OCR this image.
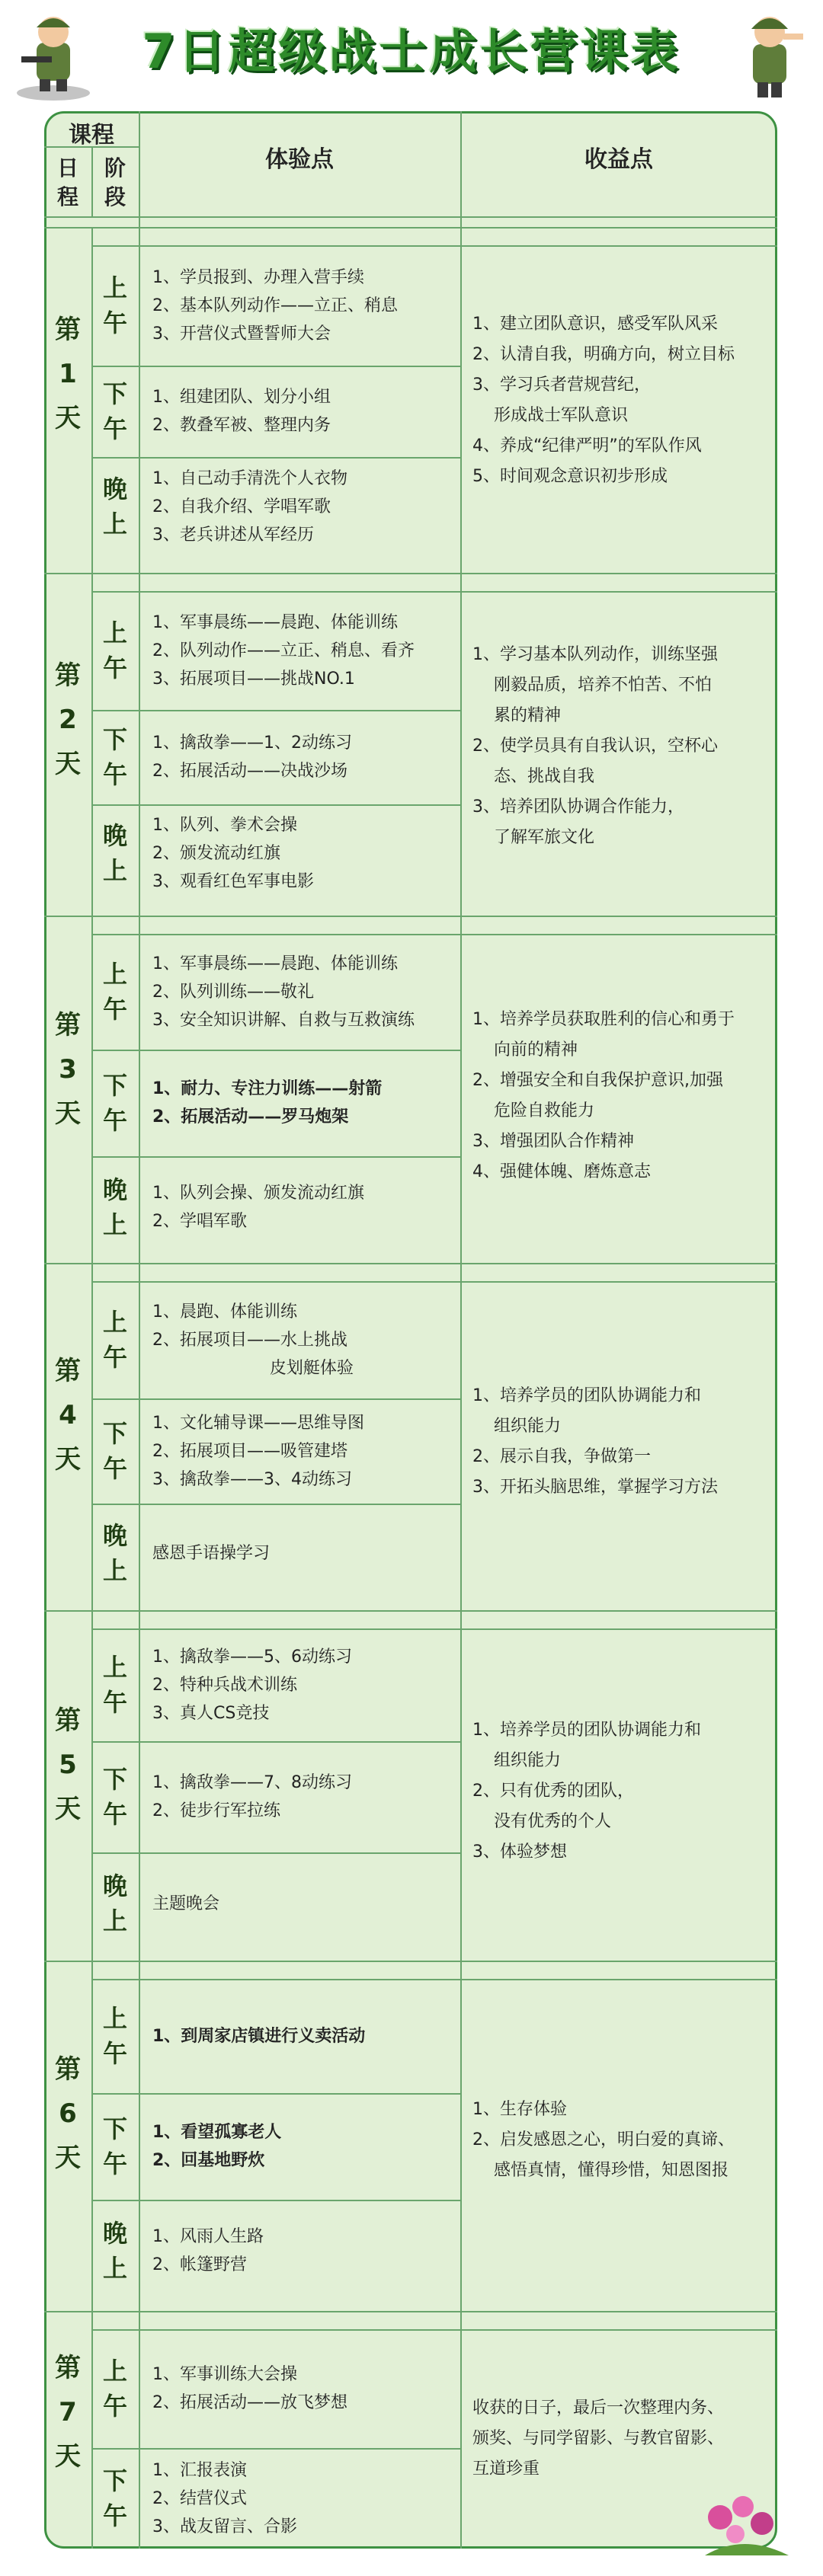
7日超级战士成长营课表
课程
日
程
阶
段
体验点	收益点
第
1
天
上
午
1、学员报到、办理入营手续
2、基本队列动作——立正、稍息
3、开营仪式暨誓师大会
下
午
1、组建团队、划分小组
2、教叠军被、整理内务
晚
上
1、自己动手清洗个人衣物
2、自我介绍、学唱军歌
3、老兵讲述从军经历
1、建立团队意识，感受军队风采
2、认清自我，明确方向，树立目标
3、学习兵者营规营纪，
形成战士军队意识
4、养成“纪律严明”的军队作风
5、时间观念意识初步形成
第
2
天
上
午
1、军事晨练——晨跑、体能训练
2、队列动作——立正、稍息、看齐
3、拓展项目——挑战NO.1
下
午
1、擒敌拳——1、2动练习
2、拓展活动——决战沙场
晚
上
1、队列、拳术会操
2、颁发流动红旗
3、观看红色军事电影
1、学习基本队列动作，训练坚强
刚毅品质，培养不怕苦、不怕
累的精神
2、使学员具有自我认识，空杯心
态、挑战自我
3、培养团队协调合作能力，
了解军旅文化
第
3
天
上
午
1、军事晨练——晨跑、体能训练
2、队列训练——敬礼
3、安全知识讲解、自救与互救演练
下
午
1、耐力、专注力训练——射箭
2、拓展活动——罗马炮架
晚
上
1、队列会操、颁发流动红旗
2、学唱军歌
1、培养学员获取胜利的信心和勇于
向前的精神
2、增强安全和自我保护意识,加强
危险自救能力
3、增强团队合作精神
4、强健体魄、磨炼意志
第
4
天
上
午
1、晨跑、体能训练
2、拓展项目——水上挑战
皮划艇体验
下
午
1、文化辅导课——思维导图
2、拓展项目——吸管建塔
3、擒敌拳——3、4动练习
晚
上
感恩手语操学习
1、培养学员的团队协调能力和
组织能力
2、展示自我，争做第一
3、开拓头脑思维，掌握学习方法
第
5
天
上
午
1、擒敌拳——5、6动练习
2、特种兵战术训练
3、真人CS竞技
下
午
1、擒敌拳——7、8动练习
2、徒步行军拉练
晚
上
主题晚会
1、培养学员的团队协调能力和
组织能力
2、只有优秀的团队，
没有优秀的个人
3、体验梦想
第
6
天
上
午
1、到周家店镇进行义卖活动
下
午
1、看望孤寡老人
2、回基地野炊
晚
上
1、风雨人生路
2、帐篷野营
1、生存体验
2、启发感恩之心，明白爱的真谛、
感悟真情，懂得珍惜，知恩图报
第
7
天
上
午
1、军事训练大会操
2、拓展活动——放飞梦想
下
午
1、汇报表演
2、结营仪式
3、战友留言、合影
收获的日子，最后一次整理内务、
颁奖、与同学留影、与教官留影、
互道珍重
